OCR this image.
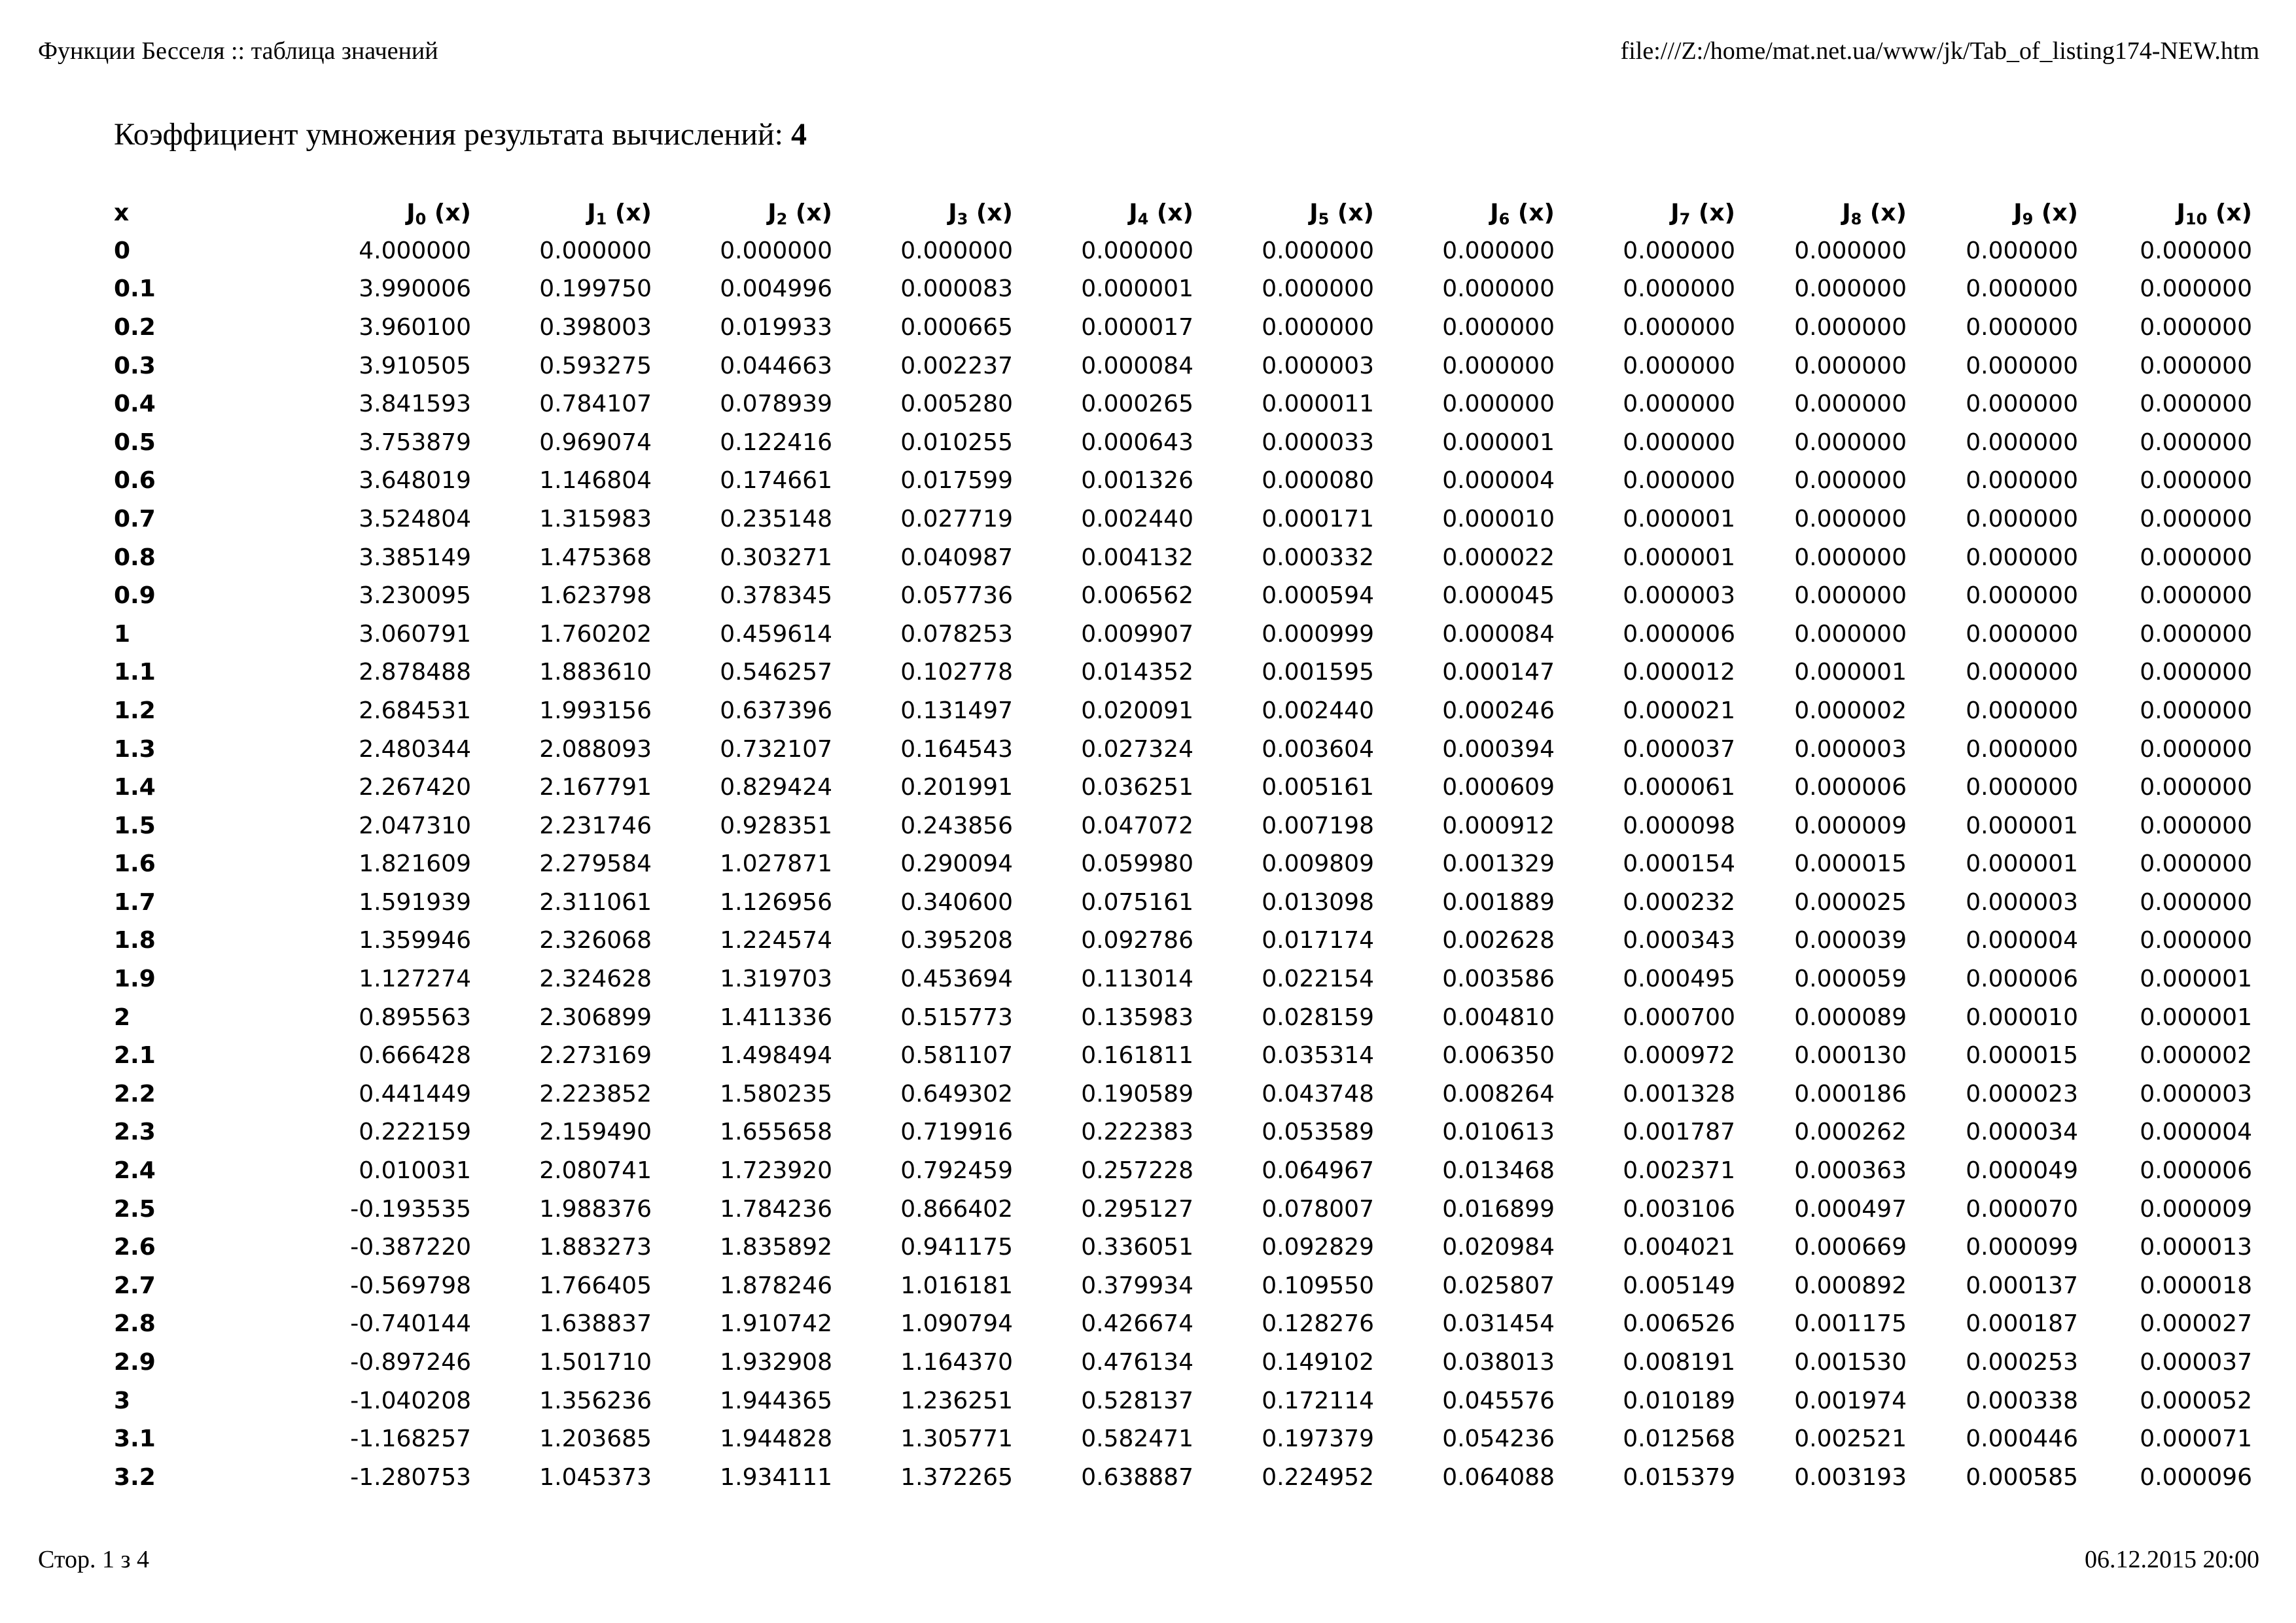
Функции Бесселя :: таблица значений	file:///Z:/home/mat.net.ua/www/jk/Tab_of_listing174-NEW.htm
Коэффициент умножения результата вычислений: 4
x	$J_0$ (x)	$J_1$ (x)	$J_2$ (x)	$J_3$ (x)	$J_4$ (x)	$J_5$ (x)	$J_6$ (x)	$J_7$ (x)	$J_8$ (x)	$J_9$ (x)	$J_{10}$ (x)
0	4.000000	0.000000	0.000000	0.000000	0.000000	0.000000	0.000000	0.000000	0.000000	0.000000	0.000000
0.1	3.990006	0.199750	0.004996	0.000083	0.000001	0.000000	0.000000	0.000000	0.000000	0.000000	0.000000
0.2	3.960100	0.398003	0.019933	0.000665	0.000017	0.000000	0.000000	0.000000	0.000000	0.000000	0.000000
0.3	3.910505	0.593275	0.044663	0.002237	0.000084	0.000003	0.000000	0.000000	0.000000	0.000000	0.000000
0.4	3.841593	0.784107	0.078939	0.005280	0.000265	0.000011	0.000000	0.000000	0.000000	0.000000	0.000000
0.5	3.753879	0.969074	0.122416	0.010255	0.000643	0.000033	0.000001	0.000000	0.000000	0.000000	0.000000
0.6	3.648019	1.146804	0.174661	0.017599	0.001326	0.000080	0.000004	0.000000	0.000000	0.000000	0.000000
0.7	3.524804	1.315983	0.235148	0.027719	0.002440	0.000171	0.000010	0.000001	0.000000	0.000000	0.000000
0.8	3.385149	1.475368	0.303271	0.040987	0.004132	0.000332	0.000022	0.000001	0.000000	0.000000	0.000000
0.9	3.230095	1.623798	0.378345	0.057736	0.006562	0.000594	0.000045	0.000003	0.000000	0.000000	0.000000
1	3.060791	1.760202	0.459614	0.078253	0.009907	0.000999	0.000084	0.000006	0.000000	0.000000	0.000000
1.1	2.878488	1.883610	0.546257	0.102778	0.014352	0.001595	0.000147	0.000012	0.000001	0.000000	0.000000
1.2	2.684531	1.993156	0.637396	0.131497	0.020091	0.002440	0.000246	0.000021	0.000002	0.000000	0.000000
1.3	2.480344	2.088093	0.732107	0.164543	0.027324	0.003604	0.000394	0.000037	0.000003	0.000000	0.000000
1.4	2.267420	2.167791	0.829424	0.201991	0.036251	0.005161	0.000609	0.000061	0.000006	0.000000	0.000000
1.5	2.047310	2.231746	0.928351	0.243856	0.047072	0.007198	0.000912	0.000098	0.000009	0.000001	0.000000
1.6	1.821609	2.279584	1.027871	0.290094	0.059980	0.009809	0.001329	0.000154	0.000015	0.000001	0.000000
1.7	1.591939	2.311061	1.126956	0.340600	0.075161	0.013098	0.001889	0.000232	0.000025	0.000003	0.000000
1.8	1.359946	2.326068	1.224574	0.395208	0.092786	0.017174	0.002628	0.000343	0.000039	0.000004	0.000000
1.9	1.127274	2.324628	1.319703	0.453694	0.113014	0.022154	0.003586	0.000495	0.000059	0.000006	0.000001
2	0.895563	2.306899	1.411336	0.515773	0.135983	0.028159	0.004810	0.000700	0.000089	0.000010	0.000001
2.1	0.666428	2.273169	1.498494	0.581107	0.161811	0.035314	0.006350	0.000972	0.000130	0.000015	0.000002
2.2	0.441449	2.223852	1.580235	0.649302	0.190589	0.043748	0.008264	0.001328	0.000186	0.000023	0.000003
2.3	0.222159	2.159490	1.655658	0.719916	0.222383	0.053589	0.010613	0.001787	0.000262	0.000034	0.000004
2.4	0.010031	2.080741	1.723920	0.792459	0.257228	0.064967	0.013468	0.002371	0.000363	0.000049	0.000006
2.5	-0.193535	1.988376	1.784236	0.866402	0.295127	0.078007	0.016899	0.003106	0.000497	0.000070	0.000009
2.6	-0.387220	1.883273	1.835892	0.941175	0.336051	0.092829	0.020984	0.004021	0.000669	0.000099	0.000013
2.7	-0.569798	1.766405	1.878246	1.016181	0.379934	0.109550	0.025807	0.005149	0.000892	0.000137	0.000018
2.8	-0.740144	1.638837	1.910742	1.090794	0.426674	0.128276	0.031454	0.006526	0.001175	0.000187	0.000027
2.9	-0.897246	1.501710	1.932908	1.164370	0.476134	0.149102	0.038013	0.008191	0.001530	0.000253	0.000037
3	-1.040208	1.356236	1.944365	1.236251	0.528137	0.172114	0.045576	0.010189	0.001974	0.000338	0.000052
3.1	-1.168257	1.203685	1.944828	1.305771	0.582471	0.197379	0.054236	0.012568	0.002521	0.000446	0.000071
3.2	-1.280753	1.045373	1.934111	1.372265	0.638887	0.224952	0.064088	0.015379	0.003193	0.000585	0.000096
Стор. 1 з 4	06.12.2015 20:00
